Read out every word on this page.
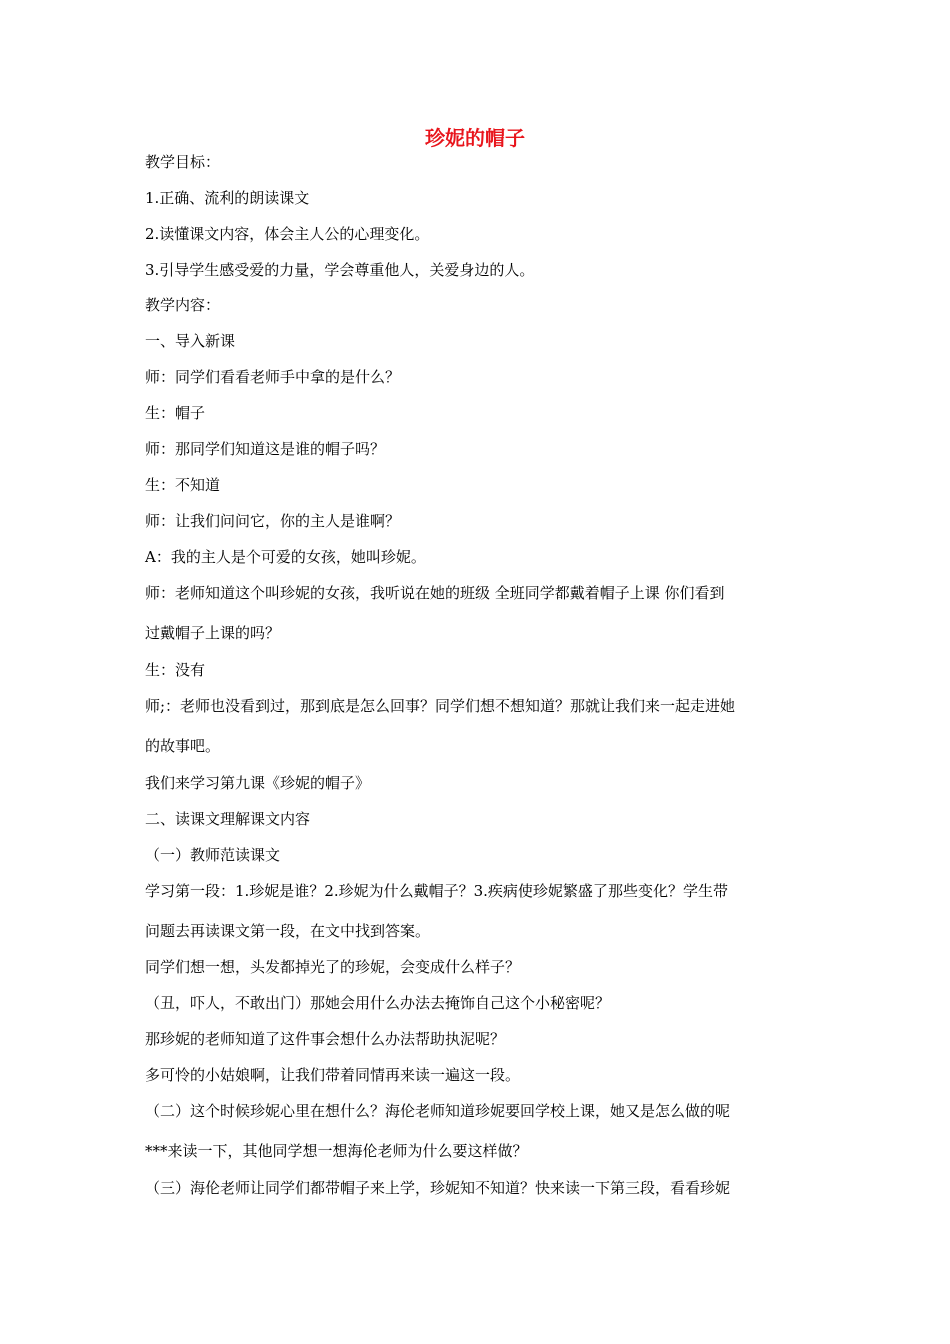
珍妮的帽子
教学目标：
1.正确、流利的朗读课文
2.读懂课文内容，体会主人公的心理变化。
3.引导学生感受爱的力量，学会尊重他人，关爱身边的人。
教学内容：
一、导入新课
师：同学们看看老师手中拿的是什么？
生：帽子
师：那同学们知道这是谁的帽子吗？
生：不知道
师：让我们问问它，你的主人是谁啊？
A：我的主人是个可爱的女孩，她叫珍妮。
师：老师知道这个叫珍妮的女孩，我听说在她的班级 全班同学都戴着帽子上课 你们看到
过戴帽子上课的吗？
生：没有
师;：老师也没看到过，那到底是怎么回事？同学们想不想知道？那就让我们来一起走进她
的故事吧。
我们来学习第九课《珍妮的帽子》
二、读课文理解课文内容
（一）教师范读课文
学习第一段：1.珍妮是谁？2.珍妮为什么戴帽子？3.疾病使珍妮繁盛了那些变化？学生带
问题去再读课文第一段，在文中找到答案。
同学们想一想，头发都掉光了的珍妮，会变成什么样子？
（丑，吓人，不敢出门）那她会用什么办法去掩饰自己这个小秘密呢？
那珍妮的老师知道了这件事会想什么办法帮助执泥呢？
多可怜的小姑娘啊，让我们带着同情再来读一遍这一段。
（二）这个时候珍妮心里在想什么？海伦老师知道珍妮要回学校上课，她又是怎么做的呢
***来读一下，其他同学想一想海伦老师为什么要这样做？
（三）海伦老师让同学们都带帽子来上学，珍妮知不知道？快来读一下第三段，看看珍妮
